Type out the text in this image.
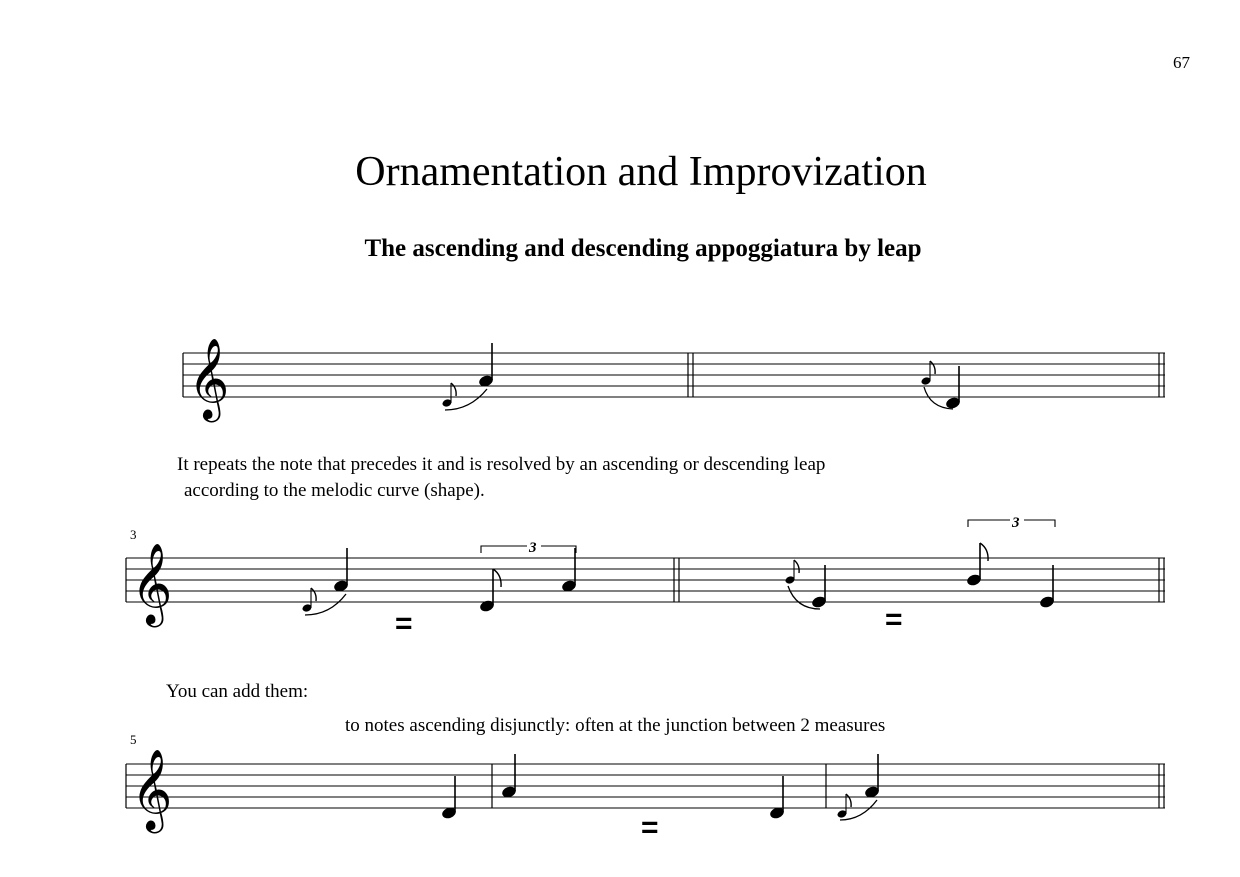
67
Ornamentation and Improvization
The ascending and descending appoggiatura by leap
It repeats the note that precedes it and is resolved by an ascending or descending leap
according to the melodic curve (shape).
You can add them:
to notes ascending disjunctly: often at the junction between 2 measures
3
5
𝄞
𝄞	=
3
=
3
𝄞	=
